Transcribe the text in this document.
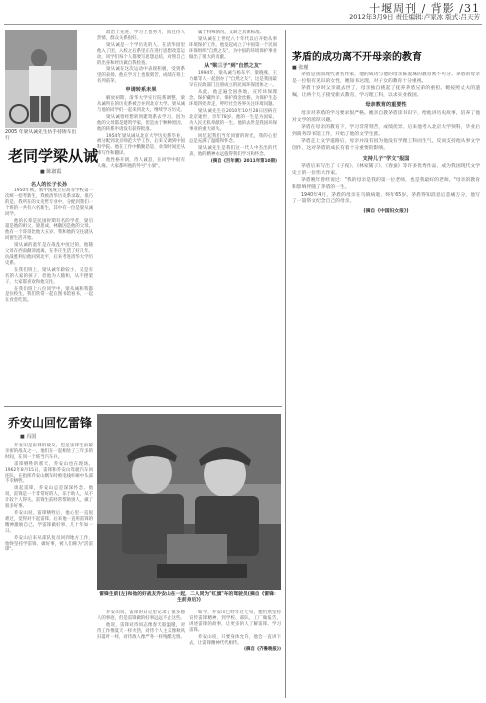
十堰周刊 / 背影 /31
2012年3月9日 责任编辑:卢家冰 版式:吕天芳
2005 年梁从诫先生仿手持铸车出行
老同学梁从诫
■ 陈淑霞
名人的长子长孙

1950年秋，新中国成立后高等学校第一次统一招考新生，我被清华历史系录取。很巧的是，我所在的文史哲专业中，分配到我们一个班的一共有六名新生，其中有一位是梁从诫同学。

他的长辈是民国时期有名的学者，梁启超是他的祖父，梁思成、林徽因是他的父母。他有一个哥哥比他大五岁。我和他的交往就从同窗生活开始。

梁从诫的童年是在战乱中度过的，他随父母在西南颠沛流离，在李庄生活了好几年。抗战胜利后他回到北平，后来考进清华大学历史系。

在我们班上，梁从诫年龄较小，又是有名的人家的孩子，但他为人随和，从不摆架子，大家都喜欢和他交往。

在我们班上八位同学中，梁从诫和我都是住校生，我们常常一起在图书馆看书，一起在食堂吃饭。

政治上先进，学习上也努力，而且待人热情，群众关系很好。

梁从诫是一个学历史的人，在清华园里他入了团，入校之后系里正在进行思想改造运动，同学们每个人都要写思想总结，对照自己的出身和经历做自我检查。

梁从诫在这次运动中表现积极，受到系里的表扬。他在学习上也很刻苦，成绩在班上名列前茅。

申请转系未果

解放初期，清华大学实行院系调整，梁从诫所在的历史系被合并到北京大学。梁从诫与他的同学们一起来到北大，继续学习历史。

梁从诫曾经想转到建筑系去学习，因为他的父母都是建筑学家，但是由于种种原因，他的转系申请没有获得批准。

1954年梁从诫从北京大学历史系毕业，被分配到北京师范大学工作，后来又调到中国科学院。他在工作中勤勤恳恳，业余时间还从事写作和翻译。

他性格开朗，待人诚恳，在同学中很有人缘。大家都叫他的外号"小梁"。

属于特殊情况，又缺乏具体标准。

梁从诫在上世纪八十年代以后开始从事环境保护工作。他发起成立了中国第一个民间环保组织"自然之友"，为中国的环境保护事业做出了很大的贡献。

从"梁三子"到"自然之友"

1994年，梁从诫与杨东平、梁晓燕、王力雄等人一起创办了"自然之友"，这是我国最早在民政部门注册成立的民间环保团体之一。

从此，他走遍全国各地，宣传环保理念，保护藏羚羊，保护滇金丝猴，为保护生态环境四处奔走，呼吁社会各界关注环境问题。

梁从诫先生在2010年10月28日因病在北京逝世，享年78岁。他的一生是为国家、为人民无私奉献的一生。他的去世是我国环保事业的重大损失。

回忆起我们当年同窗的时光，我的心里总是充满了温暖和怀念。

梁从诫先生是我们这一代人中杰出的代表，他的精神永远值得我们学习和怀念。

(摘自《百年潮》2011年第10期)
乔安山回忆雷锋
■ 冯国

乔安山是雷锋的战友，也是雷锋生前最亲密的战友之一。他们在一起相处了三年多的时间，在同一个班当汽车兵。

雷锋牺牲的那天，乔安山也在现场。1962年8月15日，雷锋和乔安山驾驶汽车回连队，在指挥乔安山倒车时被电线杆砸中头部不幸牺牲。

谈起雷锋，乔安山总是深深怀念。他说，雷锋是一个非常好的人，乐于助人，从不计较个人得失。雷锋生前经常帮助别人，做了很多好事。

乔安山说，雷锋牺牲后，他心里一直很难过，觉得对不起雷锋。后来他一直用雷锋的精神激励自己，学雷锋做好事，几十年如一日。

乔安山后来从部队复员回到地方工作，始终坚持学雷锋、做好事，被人们称为"活雷锋"。

雷锋生前(左)和他的好战友乔安山在一起，二人同为"红旗"车的驾驶员(摘自《雷锋：生前身后》)

乔安山说，雷锋的日记里记录了很多感人的事迹，但是雷锋做的好事远远不止这些。

他说，雷锋对待同志像春天般温暖，对待工作像夏天一样火热，对待个人主义像秋风扫落叶一样，对待敌人像严冬一样残酷无情。

如今，乔安山已经年过七旬，他仍然坚持宣传雷锋精神，到学校、部队、工厂做报告，讲述雷锋的故事，让更多的人了解雷锋、学习雷锋。

乔安山说，只要身体允许，他会一直讲下去，让雷锋精神代代相传。

(摘自《齐鲁晚报》)
茅盾的成功离不开母亲的教育
■ 张瑾

茅盾是我国现代著名作家，他的成功与他的母亲陈爱珠的教育密不可分。茅盾的母亲是一位很有见识的女性，她知书达理，对子女的教育十分重视。

茅盾十岁时父亲就去世了，母亲独自挑起了抚养茅盾兄弟的重担。她按照丈夫的遗嘱，让两个儿子接受新式教育，学习理工科，以求实业救国。

母亲教育的重要性

母亲对茅盾的学习要求很严格。她亲自教茅盾读书识字，给他讲历史故事，培养了他对文学的浓厚兴趣。

茅盾在母亲的教育下，学习非常刻苦，成绩优异。后来他考入北京大学预科，毕业后到商务印书馆工作，开始了他的文学生涯。

茅盾走上文学道路后，母亲并没有因为他没有学理工科而生气，反而支持他从事文学创作，这对茅盾的成长有着十分重要的影响。

支持儿子"学文"报国

茅盾后来写出了《子夜》、《林家铺子》、《春蚕》等许多优秀作品，成为我国现代文学史上的一位伟大作家。

茅盾晚年曾经说过："我的母亲是我的第一位老师，也是我最好的老师。"母亲的教育和影响伴随了茅盾的一生。

1940年4月，茅盾的母亲在乌镇病逝，终年65岁。茅盾得知消息后悲痛万分，他写了一篇祭文纪念自己的母亲。

(摘自《中国妇女报》)
